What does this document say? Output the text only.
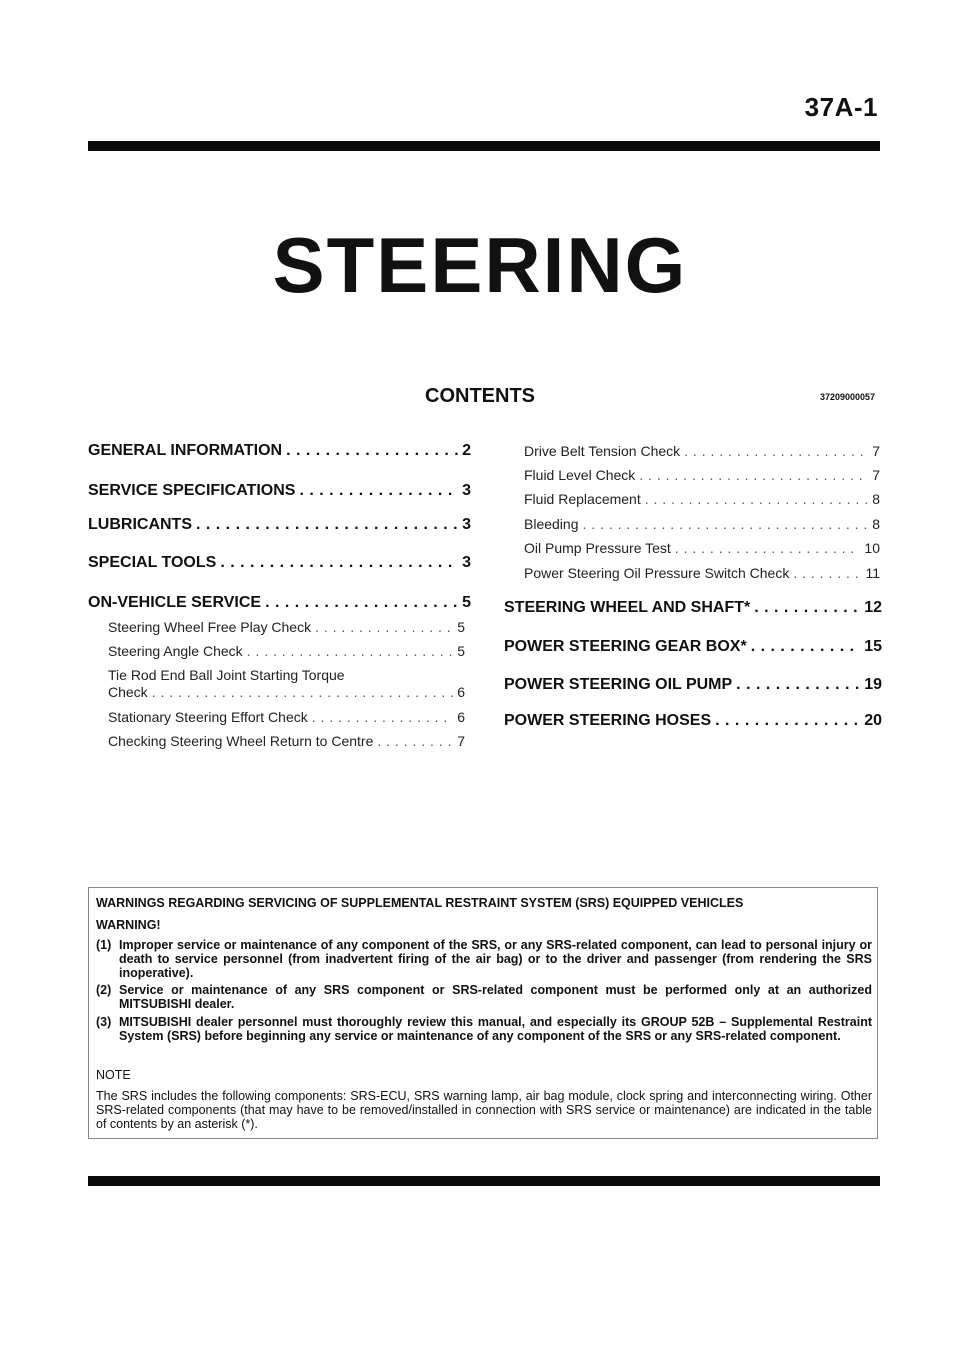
37A-1
STEERING
CONTENTS	37209000057
GENERAL INFORMATION . . .	2
SERVICE SPECIFICATIONS . . .	3
LUBRICANTS . . .	3
SPECIAL TOOLS . . .	3
ON-VEHICLE SERVICE . . .	5
Steering Wheel Free Play Check . . .	5
Steering Angle Check . . .	5
Tie Rod End Ball Joint Starting Torque
Check . . .	6
Stationary Steering Effort Check . . .	6
Checking Steering Wheel Return to Centre . . .	7
Drive Belt Tension Check . . .	7
Fluid Level Check . . .	7
Fluid Replacement . . .	8
Bleeding . . .	8
Oil Pump Pressure Test . . .	10
Power Steering Oil Pressure Switch Check . . .	11
STEERING WHEEL AND SHAFT* . . .	12
POWER STEERING GEAR BOX* . . .	15
POWER STEERING OIL PUMP . . .	19
POWER STEERING HOSES . . .	20
WARNINGS REGARDING SERVICING OF SUPPLEMENTAL RESTRAINT SYSTEM (SRS) EQUIPPED VEHICLES
WARNING!
(1) Improper service or maintenance of any component of the SRS, or any SRS-related component, can lead to personal injury or death to service personnel (from inadvertent firing of the air bag) or to the driver and passenger (from rendering the SRS inoperative).
(2) Service or maintenance of any SRS component or SRS-related component must be performed only at an authorized MITSUBISHI dealer.
(3) MITSUBISHI dealer personnel must thoroughly review this manual, and especially its GROUP 52B – Supplemental Restraint System (SRS) before beginning any service or maintenance of any component of the SRS or any SRS-related component.
NOTE
The SRS includes the following components: SRS-ECU, SRS warning lamp, air bag module, clock spring and interconnecting wiring. Other SRS-related components (that may have to be removed/installed in connection with SRS service or maintenance) are indicated in the table of contents by an asterisk (*).
